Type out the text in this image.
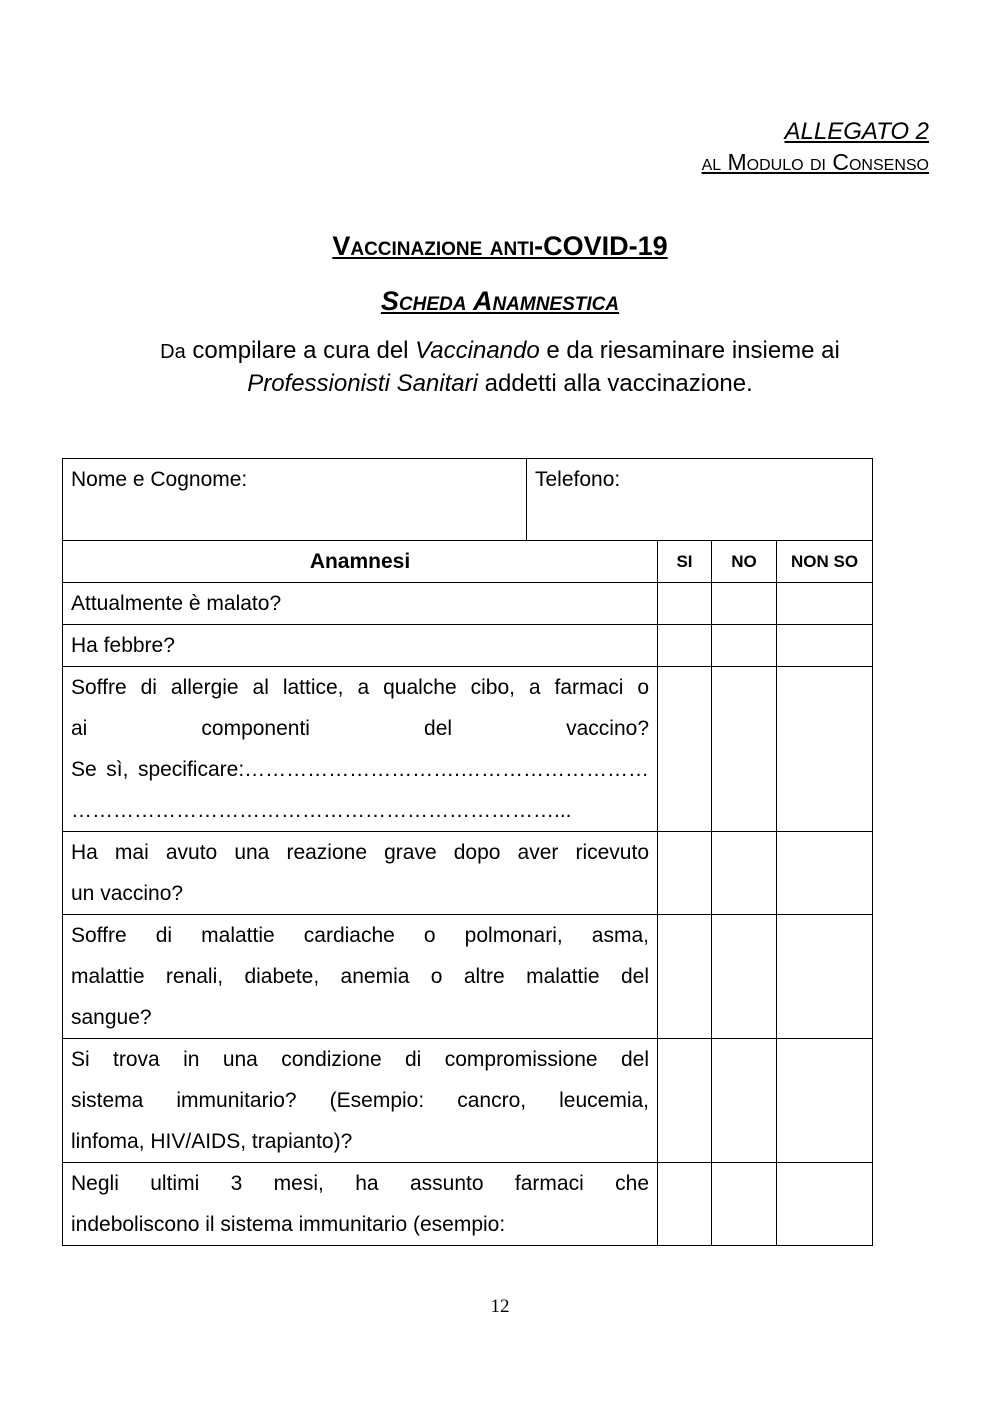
ALLEGATO 2
al Modulo di Consenso
Vaccinazione anti-COVID-19
Scheda Anamnestica
Da compilare a cura del Vaccinando e da riesaminare insieme ai
Professionisti Sanitari addetti alla vaccinazione.
Nome e Cognome:	Telefono:			
Anamnesi		SI	NO	NON SO

Attualmente è malato?				

Ha febbre?				

Soffre di allergie al lattice, a qualche cibo, a farmaci o
ai componenti del vaccino?
Se sì, specificare:………………………….………………………
……………………………………………………………...				

Ha mai avuto una reazione grave dopo aver ricevuto
un vaccino?				

Soffre di malattie cardiache o polmonari, asma,
malattie renali, diabete, anemia o altre malattie del
sangue?				

Si trova in una condizione di compromissione del
sistema immunitario? (Esempio: cancro, leucemia,
linfoma, HIV/AIDS, trapianto)?				

Negli ultimi 3 mesi, ha assunto farmaci che
indeboliscono il sistema immunitario (esempio:				

12
